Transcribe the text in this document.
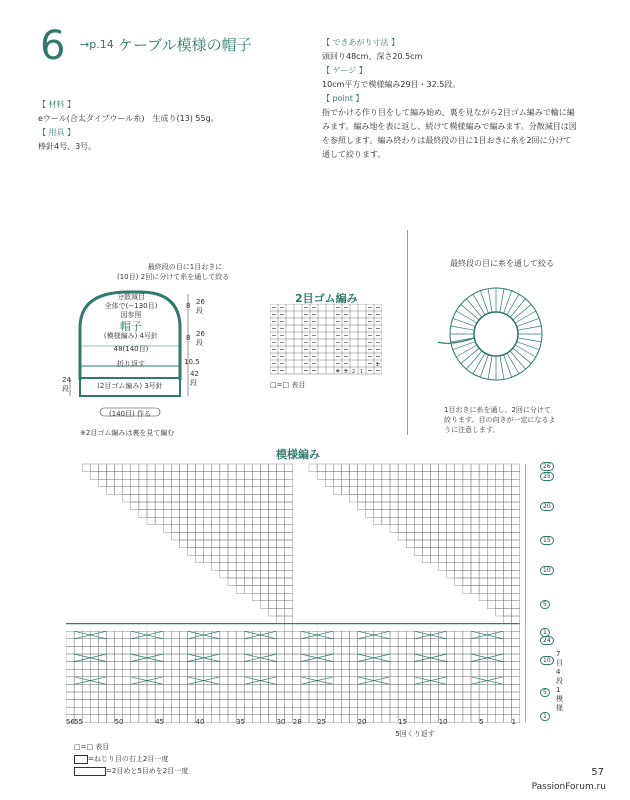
6 →p.14 ケーブル模様の帽子
【 材料 】
eウール(合太タイプウール糸)　生成り(13) 55g。
【 用具 】
棒針4号、3号。
【 できあがり寸法 】
頭回り48cm、深さ20.5cm
【 ゲージ 】
10cm平方で模様編み29目・32.5段。
【 point 】
指でかける作り目をして編み始め、裏を見ながら2目ゴム編みで輪に編
みます。編み地を表に返し、続けて模様編みで編みます。分散減目は図
を参照します。編み終わりは最終段の目に1目おきに糸を2回に分けて
通して絞ります。
最終段の目に1目おきに
2回に分けて糸を通して絞る
(10目)
分散減目
全体で(−130目)
図参照
帽子
(模様編み) 4号針
48(140目)
折り返す
(2目ゴム編み) 3号針
(140目) 作る
※2目ゴム編みは裏を見て編む
8 26段
8 26段
10.5
42段
24段
2目ゴム編み
4 3 2 1
1
□=□ 表目
最終段の目に糸を通して絞る
1目おきに糸を通し、2回に分けて
絞ります。目の向きが一定になるよ
うに注意します。
模様編み
56 55	50	45	40	35	30 28 25	20	15	10	5	1
26
25
20
15
10
5
1
24
10
5
1
5回くり返す
7
目
4
段
1
模様
□=□ 表目
=ねじり目の右上2目一度
=2目めと5目めを2目一度	57
PassionForum.ru
